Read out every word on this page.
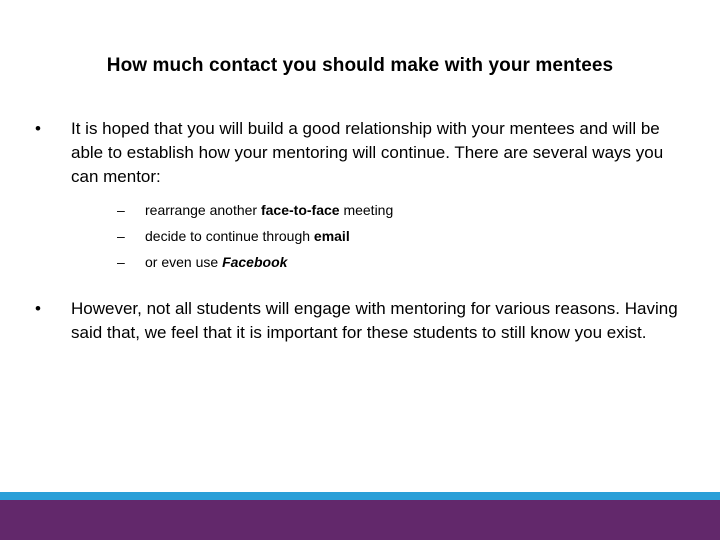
How much contact you should make with your mentees
•	It is hoped that you will build a good relationship with your mentees and will be able to establish how your mentoring will continue. There are several ways you can mentor:
– rearrange another face-to-face meeting
– decide to continue through email
– or even use Facebook
•	However, not all students will engage with mentoring for various reasons. Having said that, we feel that it is important for these students to still know you exist.
